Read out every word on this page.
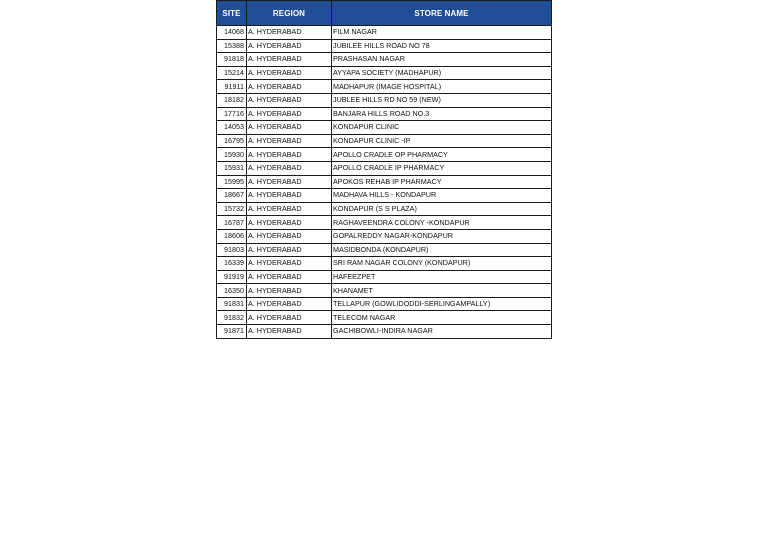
SITE	REGION	STORE NAME
14068	A. HYDERABAD	FILM NAGAR
15388	A. HYDERABAD	JUBILEE HILLS ROAD NO 78
91818	A. HYDERABAD	PRASHASAN NAGAR
15214	A. HYDERABAD	AYYAPA SOCIETY (MADHAPUR)
91911	A. HYDERABAD	MADHAPUR (IMAGE HOSPITAL)
18182	A. HYDERABAD	JUBLEE HILLS RD NO 59 (NEW)
17716	A. HYDERABAD	BANJARA HILLS ROAD NO.3
14053	A. HYDERABAD	KONDAPUR CLINIC
16795	A. HYDERABAD	KONDAPUR CLINIC -IP
15930	A. HYDERABAD	APOLLO CRADLE OP PHARMACY
15931	A. HYDERABAD	APOLLO CRADLE IP PHARMACY
15995	A. HYDERABAD	APOKOS REHAB IP PHARMACY
18667	A. HYDERABAD	MADHAVA HILLS - KONDAPUR
15732	A. HYDERABAD	KONDAPUR (S S PLAZA)
16787	A. HYDERABAD	RAGHAVEENDRA COLONY -KONDAPUR
18606	A. HYDERABAD	GOPALREDDY NAGAR-KONDAPUR
91803	A. HYDERABAD	MASIDBONDA (KONDAPUR)
16339	A. HYDERABAD	SRI RAM NAGAR COLONY (KONDAPUR)
91919	A. HYDERABAD	HAFEEZPET
16350	A. HYDERABAD	KHANAMET
91831	A. HYDERABAD	TELLAPUR (GOWLIDODDI-SERLINGAMPALLY)
91832	A. HYDERABAD	TELECOM NAGAR
91871	A. HYDERABAD	GACHIBOWLI-INDIRA NAGAR
